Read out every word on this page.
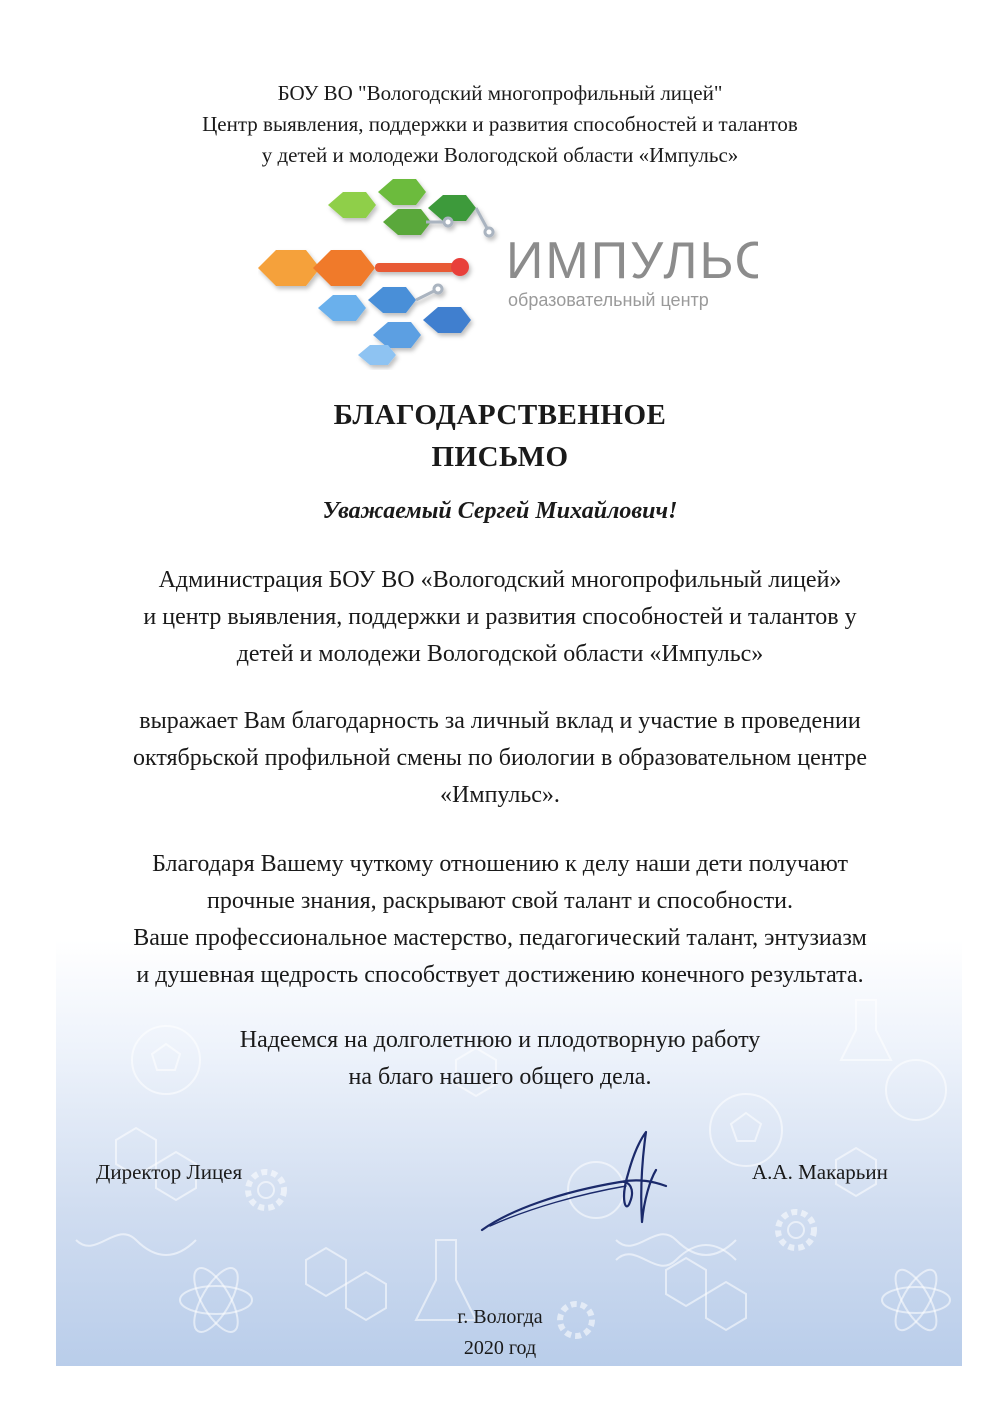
БОУ ВО "Вологодский многопрофильный лицей"
Центр выявления, поддержки и развития способностей и талантов
у детей и молодежи Вологодской области «Импульс»
ИМПУЛЬС
образовательный центр
БЛАГОДАРСТВЕННОЕ
ПИСЬМО
Уважаемый Сергей Михайлович!
Администрация БОУ ВО «Вологодский многопрофильный лицей»
и центр выявления, поддержки и развития способностей и талантов у
детей и молодежи Вологодской области «Импульс»
выражает Вам благодарность за личный вклад и участие в проведении
октябрьской профильной смены по биологии в образовательном центре
«Импульс».
Благодаря Вашему чуткому отношению к делу наши дети получают
прочные знания, раскрывают свой талант и способности.
Ваше профессиональное мастерство, педагогический талант, энтузиазм
и душевная щедрость способствует достижению конечного результата.
Надеемся на долголетнюю и плодотворную работу
на благо нашего общего дела.
Директор Лицея	А.А. Макарьин
г. Вологда
2020 год
